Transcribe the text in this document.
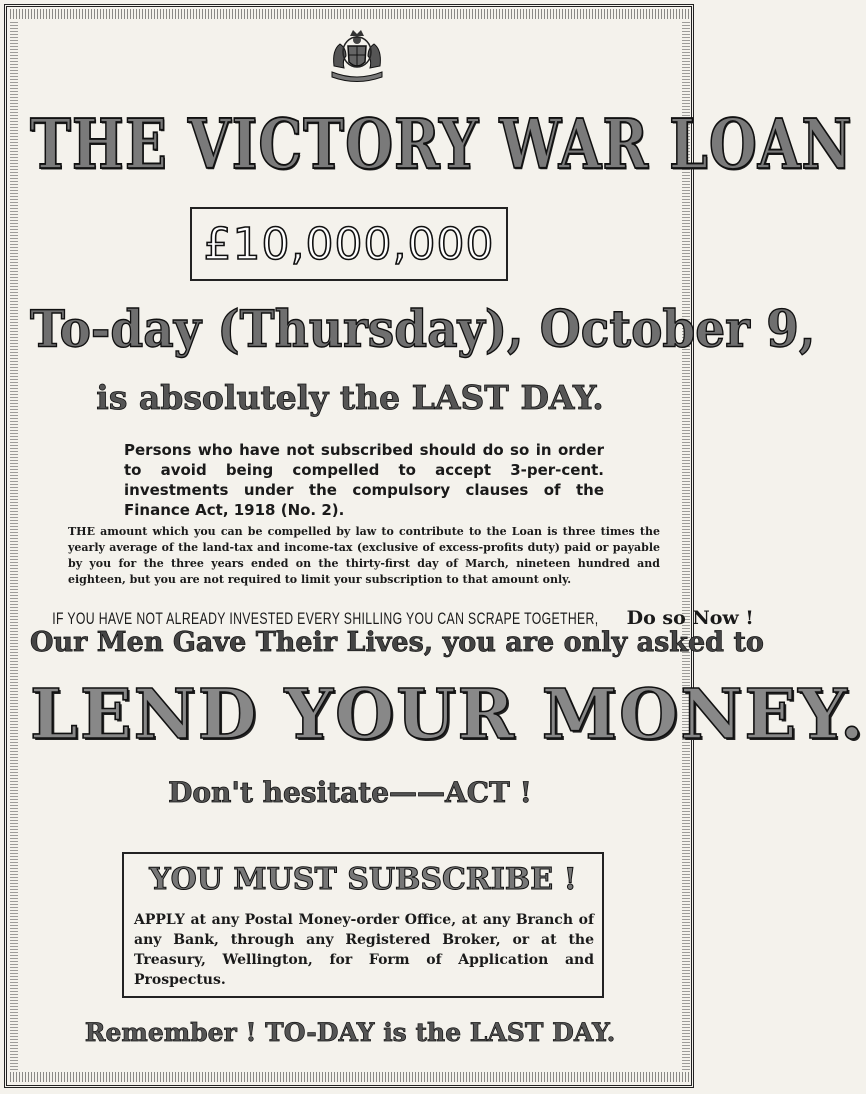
THE VICTORY WAR LOAN
£10,000,000
To-day (Thursday), October 9,
is absolutely the LAST DAY.
Persons who have not subscribed should do so in order to avoid being compelled to accept 3-per-cent. investments under the compulsory clauses of the Finance Act, 1918 (No. 2).
THE amount which you can be compelled by law to contribute to the Loan is three times the yearly average of the land-tax and income-tax (exclusive of excess-profits duty) paid or payable by you for the three years ended on the thirty-first day of March, nineteen hundred and eighteen, but you are not required to limit your subscription to that amount only.
IF YOU HAVE NOT ALREADY INVESTED EVERY SHILLING YOU CAN SCRAPE TOGETHER, Do so Now !
Our Men Gave Their Lives, you are only asked to
LEND YOUR MONEY.
Don't hesitate——ACT !
YOU MUST SUBSCRIBE !
APPLY at any Postal Money-order Office, at any Branch of any Bank, through any Registered Broker, or at the Treasury, Wellington, for Form of Application and Prospectus.
Remember ! TO-DAY is the LAST DAY.
